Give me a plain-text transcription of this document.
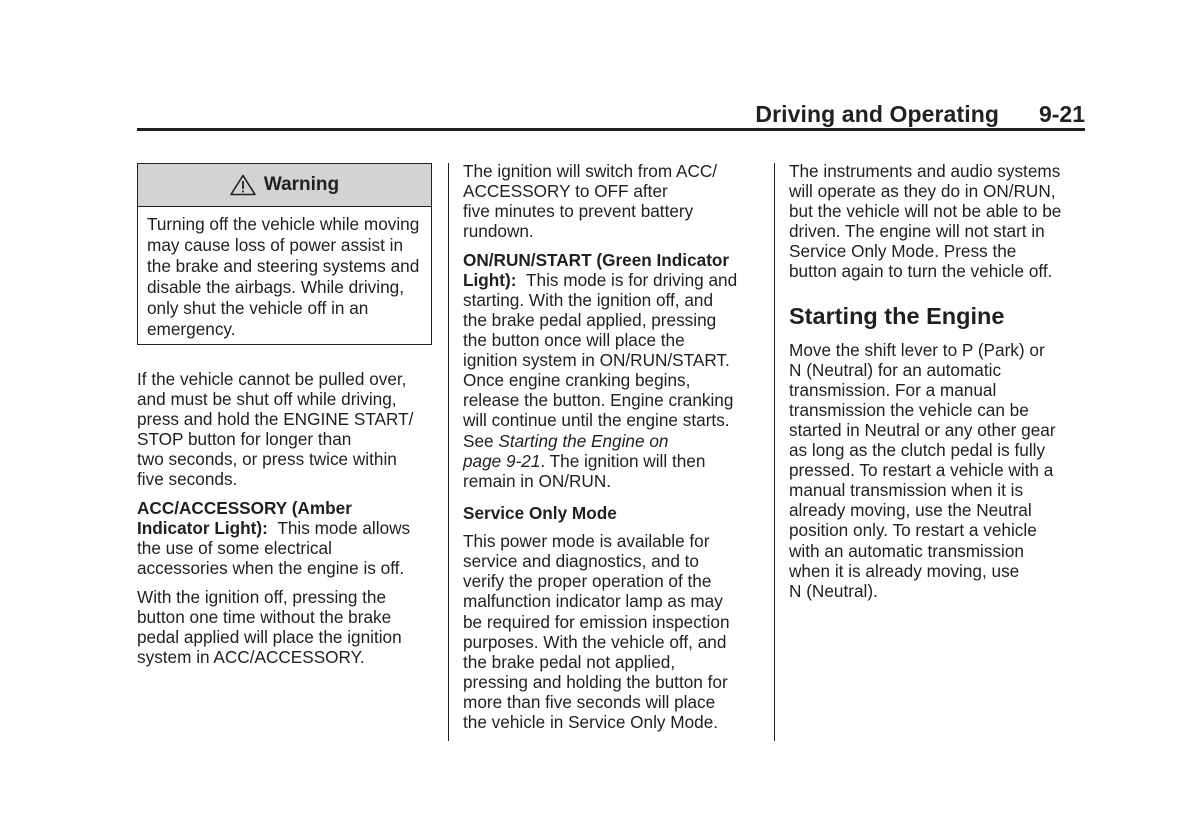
Driving and Operating 9-21
Warning
Turning off the vehicle while moving may cause loss of power assist in the brake and steering systems and disable the airbags. While driving, only shut the vehicle off in an emergency.

If the vehicle cannot be pulled over,
and must be shut off while driving,
press and hold the ENGINE START/
STOP button for longer than
two seconds, or press twice within
five seconds.

ACC/ACCESSORY (Amber
Indicator Light): This mode allows
the use of some electrical
accessories when the engine is off.

With the ignition off, pressing the
button one time without the brake
pedal applied will place the ignition
system in ACC/ACCESSORY.

The ignition will switch from ACC/
ACCESSORY to OFF after
five minutes to prevent battery
rundown.

ON/RUN/START (Green Indicator
Light): This mode is for driving and
starting. With the ignition off, and
the brake pedal applied, pressing
the button once will place the
ignition system in ON/RUN/START.
Once engine cranking begins,
release the button. Engine cranking
will continue until the engine starts.
See Starting the Engine on
page 9-21. The ignition will then
remain in ON/RUN.

Service Only Mode

This power mode is available for
service and diagnostics, and to
verify the proper operation of the
malfunction indicator lamp as may
be required for emission inspection
purposes. With the vehicle off, and
the brake pedal not applied,
pressing and holding the button for
more than five seconds will place
the vehicle in Service Only Mode.

The instruments and audio systems
will operate as they do in ON/RUN,
but the vehicle will not be able to be
driven. The engine will not start in
Service Only Mode. Press the
button again to turn the vehicle off.

Starting the Engine

Move the shift lever to P (Park) or
N (Neutral) for an automatic
transmission. For a manual
transmission the vehicle can be
started in Neutral or any other gear
as long as the clutch pedal is fully
pressed. To restart a vehicle with a
manual transmission when it is
already moving, use the Neutral
position only. To restart a vehicle
with an automatic transmission
when it is already moving, use
N (Neutral).
